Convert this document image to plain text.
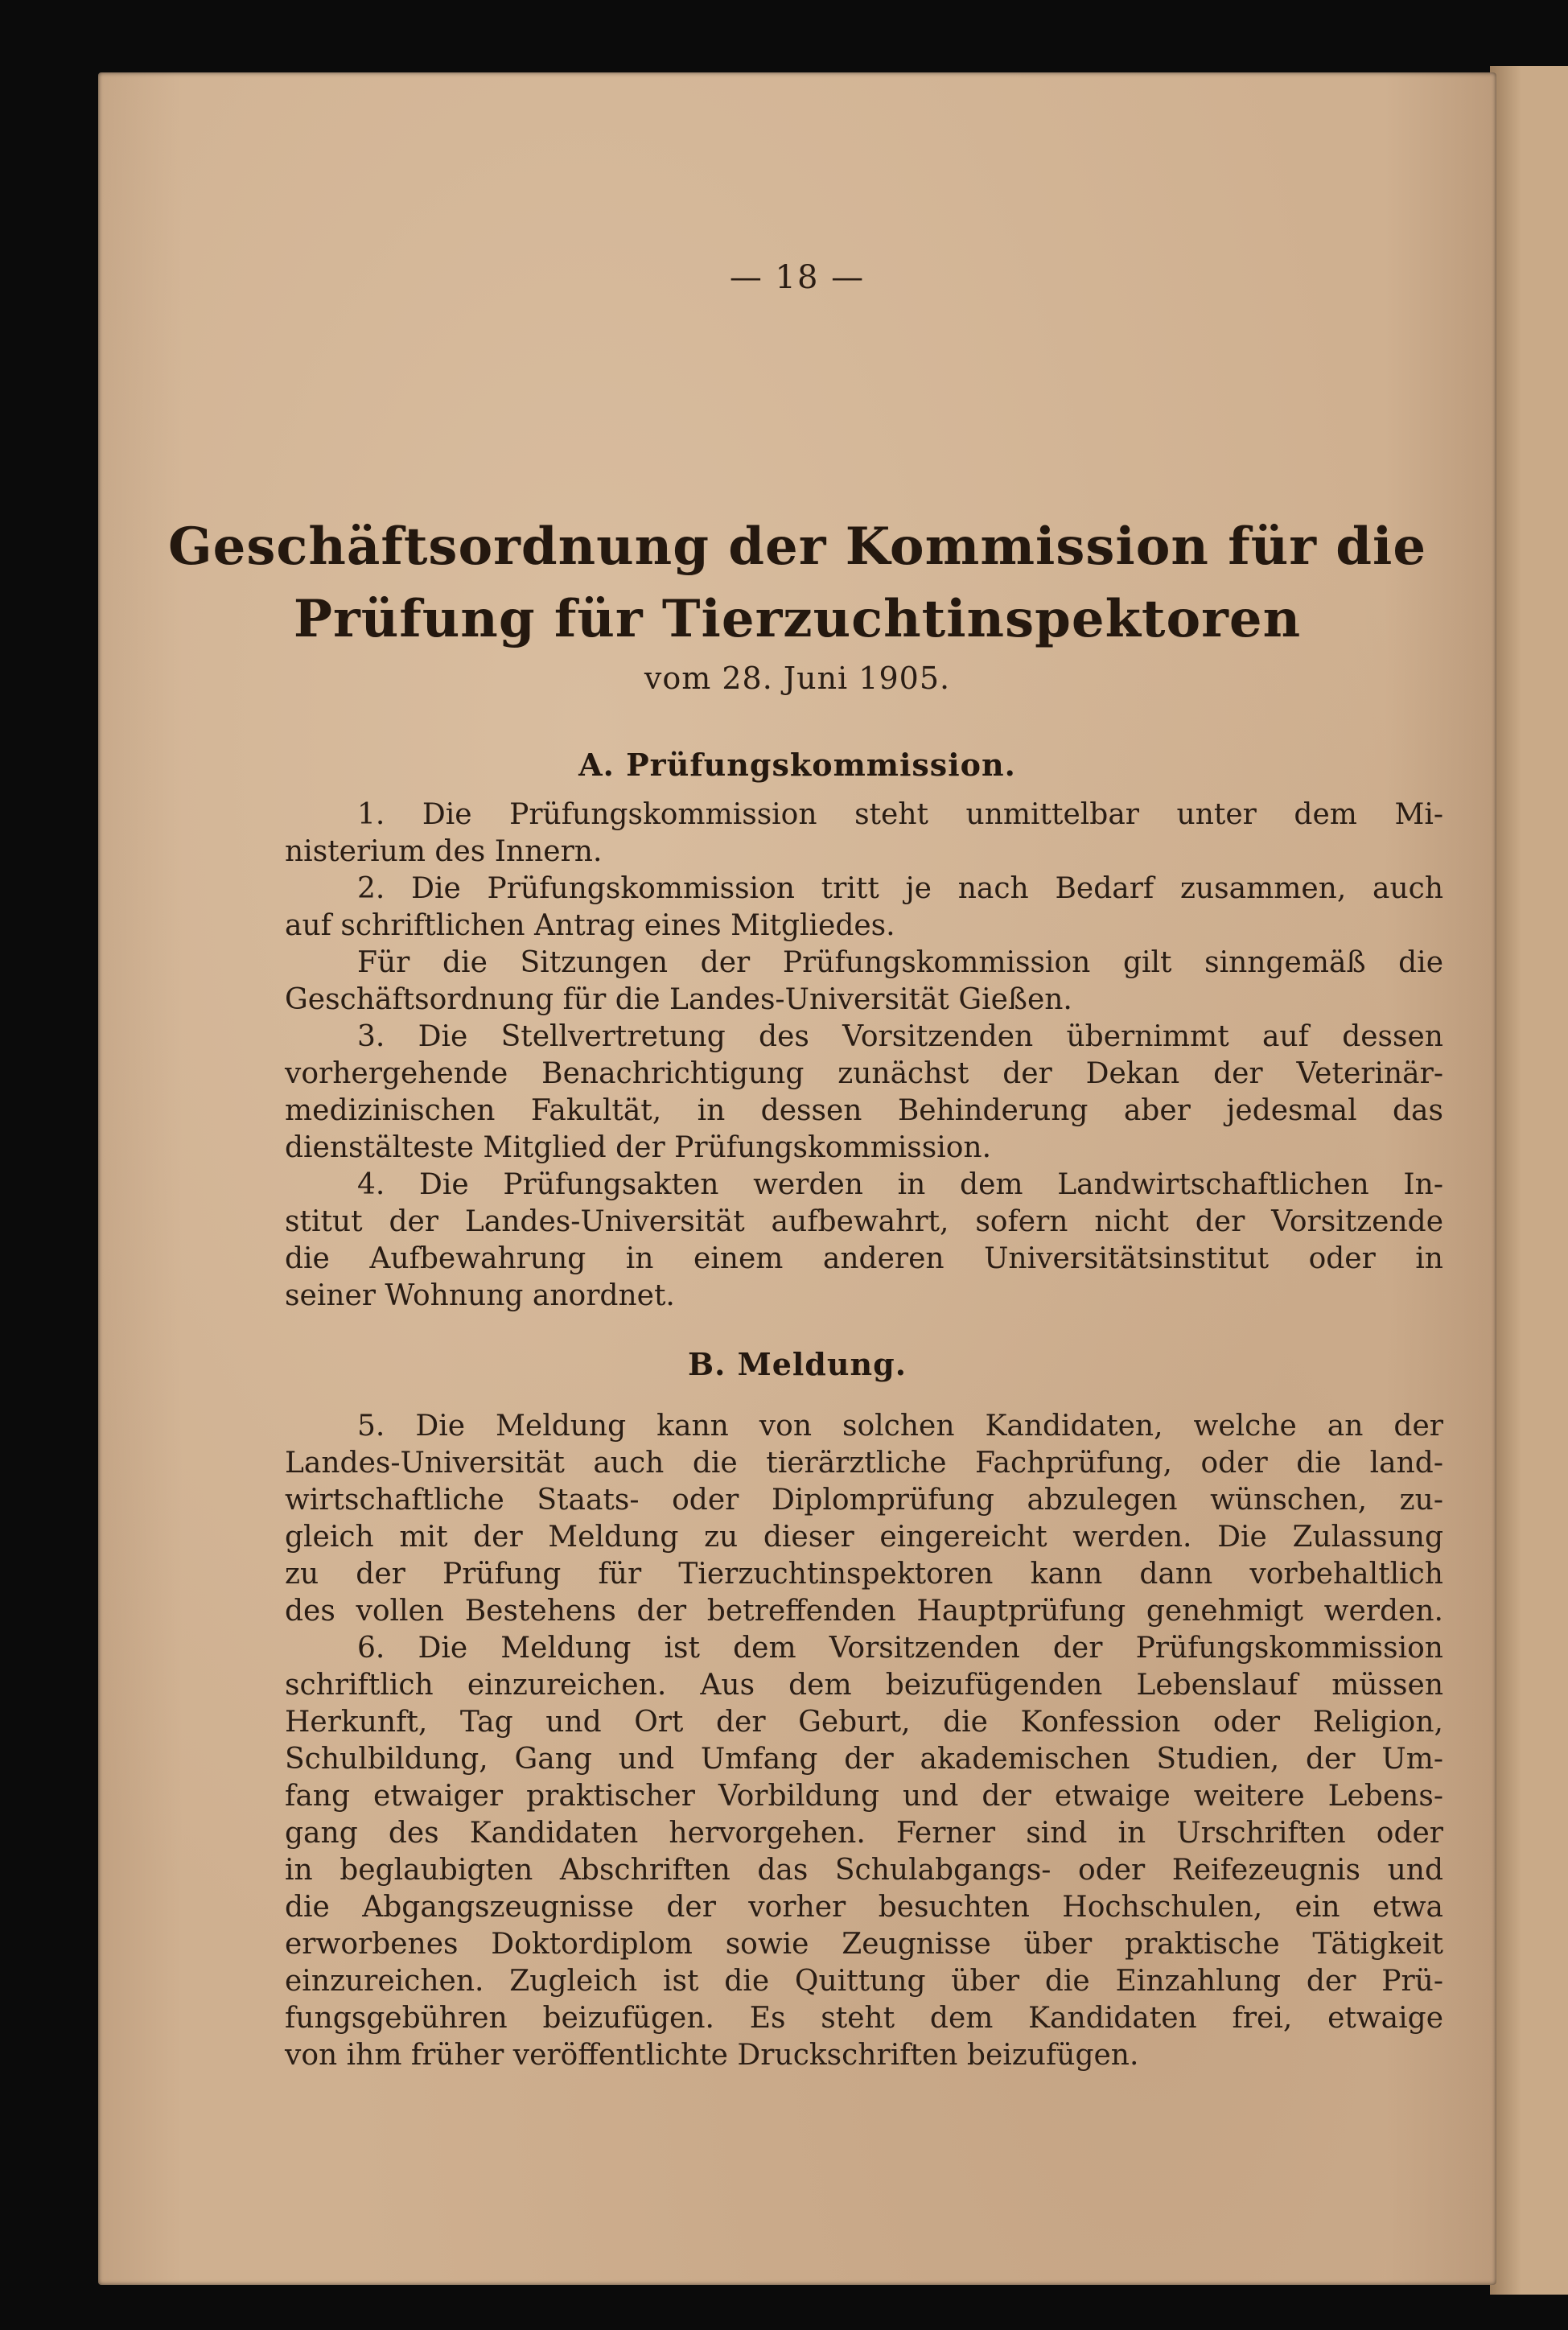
— 18 —
Geschäftsordnung der Kommission für die
Prüfung für Tierzuchtinspektoren
vom 28. Juni 1905.
A. Prüfungskommission.
1. Die Prüfungskommission steht unmittelbar unter dem Mi-
nisterium des Innern.
2. Die Prüfungskommission tritt je nach Bedarf zusammen, auch
auf schriftlichen Antrag eines Mitgliedes.
Für die Sitzungen der Prüfungskommission gilt sinngemäß die
Geschäftsordnung für die Landes-Universität Gießen.
3. Die Stellvertretung des Vorsitzenden übernimmt auf dessen
vorhergehende Benachrichtigung zunächst der Dekan der Veterinär-
medizinischen Fakultät, in dessen Behinderung aber jedesmal das
dienstälteste Mitglied der Prüfungskommission.
4. Die Prüfungsakten werden in dem Landwirtschaftlichen In-
stitut der Landes-Universität aufbewahrt, sofern nicht der Vorsitzende
die Aufbewahrung in einem anderen Universitätsinstitut oder in
seiner Wohnung anordnet.
B. Meldung.
5. Die Meldung kann von solchen Kandidaten, welche an der
Landes-Universität auch die tierärztliche Fachprüfung, oder die land-
wirtschaftliche Staats- oder Diplomprüfung abzulegen wünschen, zu-
gleich mit der Meldung zu dieser eingereicht werden. Die Zulassung
zu der Prüfung für Tierzuchtinspektoren kann dann vorbehaltlich
des vollen Bestehens der betreffenden Hauptprüfung genehmigt werden.
6. Die Meldung ist dem Vorsitzenden der Prüfungskommission
schriftlich einzureichen. Aus dem beizufügenden Lebenslauf müssen
Herkunft, Tag und Ort der Geburt, die Konfession oder Religion,
Schulbildung, Gang und Umfang der akademischen Studien, der Um-
fang etwaiger praktischer Vorbildung und der etwaige weitere Lebens-
gang des Kandidaten hervorgehen. Ferner sind in Urschriften oder
in beglaubigten Abschriften das Schulabgangs- oder Reifezeugnis und
die Abgangszeugnisse der vorher besuchten Hochschulen, ein etwa
erworbenes Doktordiplom sowie Zeugnisse über praktische Tätigkeit
einzureichen. Zugleich ist die Quittung über die Einzahlung der Prü-
fungsgebühren beizufügen. Es steht dem Kandidaten frei, etwaige
von ihm früher veröffentlichte Druckschriften beizufügen.
